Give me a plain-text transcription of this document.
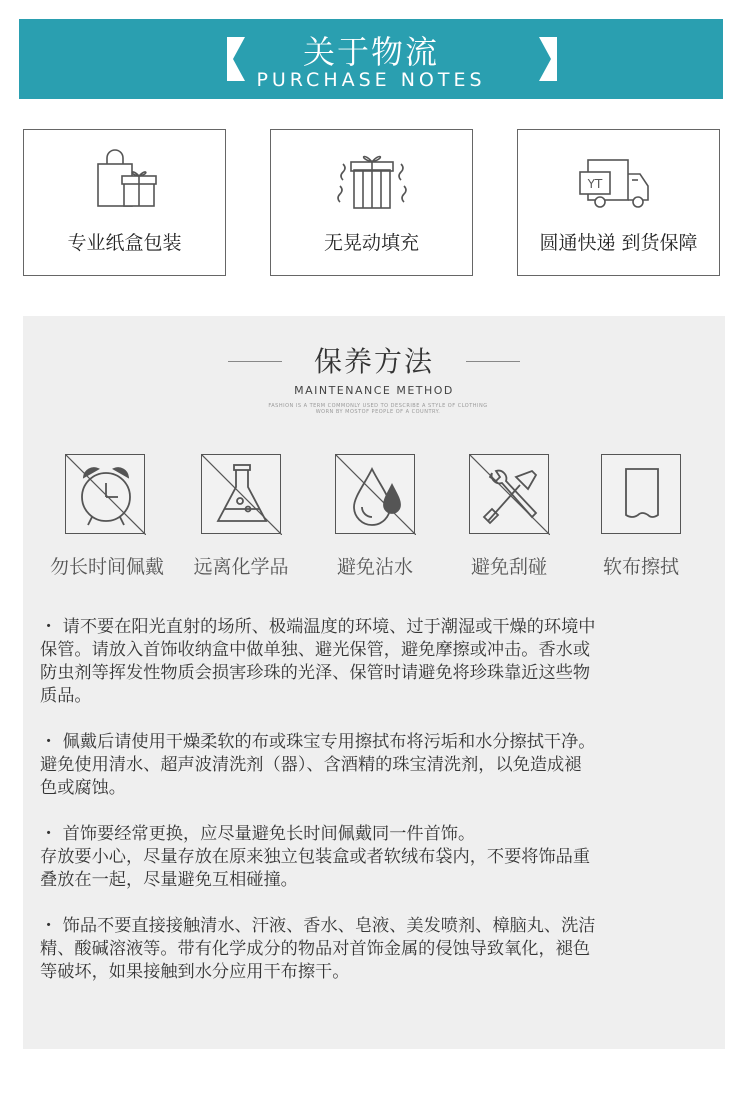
关于物流
PURCHASE NOTES
专业纸盒包装	无晃动填充
YT
圆通快递 到货保障
保养方法
MAINTENANCE METHOD
FASHION IS A TERM COMMONLY USED TO DESCRIBE A STYLE OF CLOTHING WORN BY MOSTOF PEOPLE OF A COUNTRY.
勿长时间佩戴	远离化学品	避免沾水	避免刮碰	软布擦拭

・ 请不要在阳光直射的场所、极端温度的环境、过于潮湿或干燥的环境中
保管。请放入首饰收纳盒中做单独、避光保管，避免摩擦或冲击。香水或
防虫剂等挥发性物质会损害珍珠的光泽、保管时请避免将珍珠靠近这些物
质品。

・ 佩戴后请使用干燥柔软的布或珠宝专用擦拭布将污垢和水分擦拭干净。
避免使用清水、超声波清洗剂（器）、含酒精的珠宝清洗剂，以免造成褪
色或腐蚀。

・ 首饰要经常更换，应尽量避免长时间佩戴同一件首饰。
存放要小心，尽量存放在原来独立包装盒或者软绒布袋内，不要将饰品重
叠放在一起，尽量避免互相碰撞。

・ 饰品不要直接接触清水、汗液、香水、皂液、美发喷剂、樟脑丸、洗洁
精、酸碱溶液等。带有化学成分的物品对首饰金属的侵蚀导致氧化，褪色
等破坏，如果接触到水分应用干布擦干。
